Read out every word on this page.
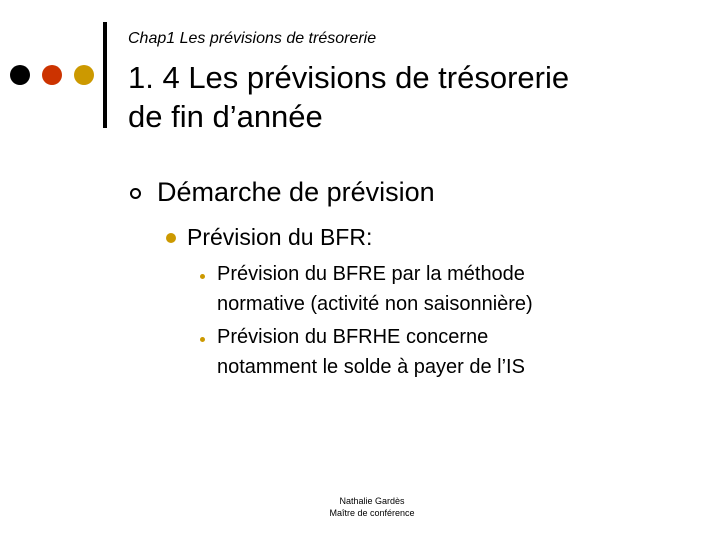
Chap1 Les prévisions de trésorerie
1. 4 Les prévisions de trésorerie
de fin d’année
Démarche de prévision
Prévision du BFR:
Prévision du BFRE par la méthode
normative (activité non saisonnière)
Prévision du BFRHE concerne
notamment le solde à payer de l’IS
Nathalie Gardès
Maître de conférence
